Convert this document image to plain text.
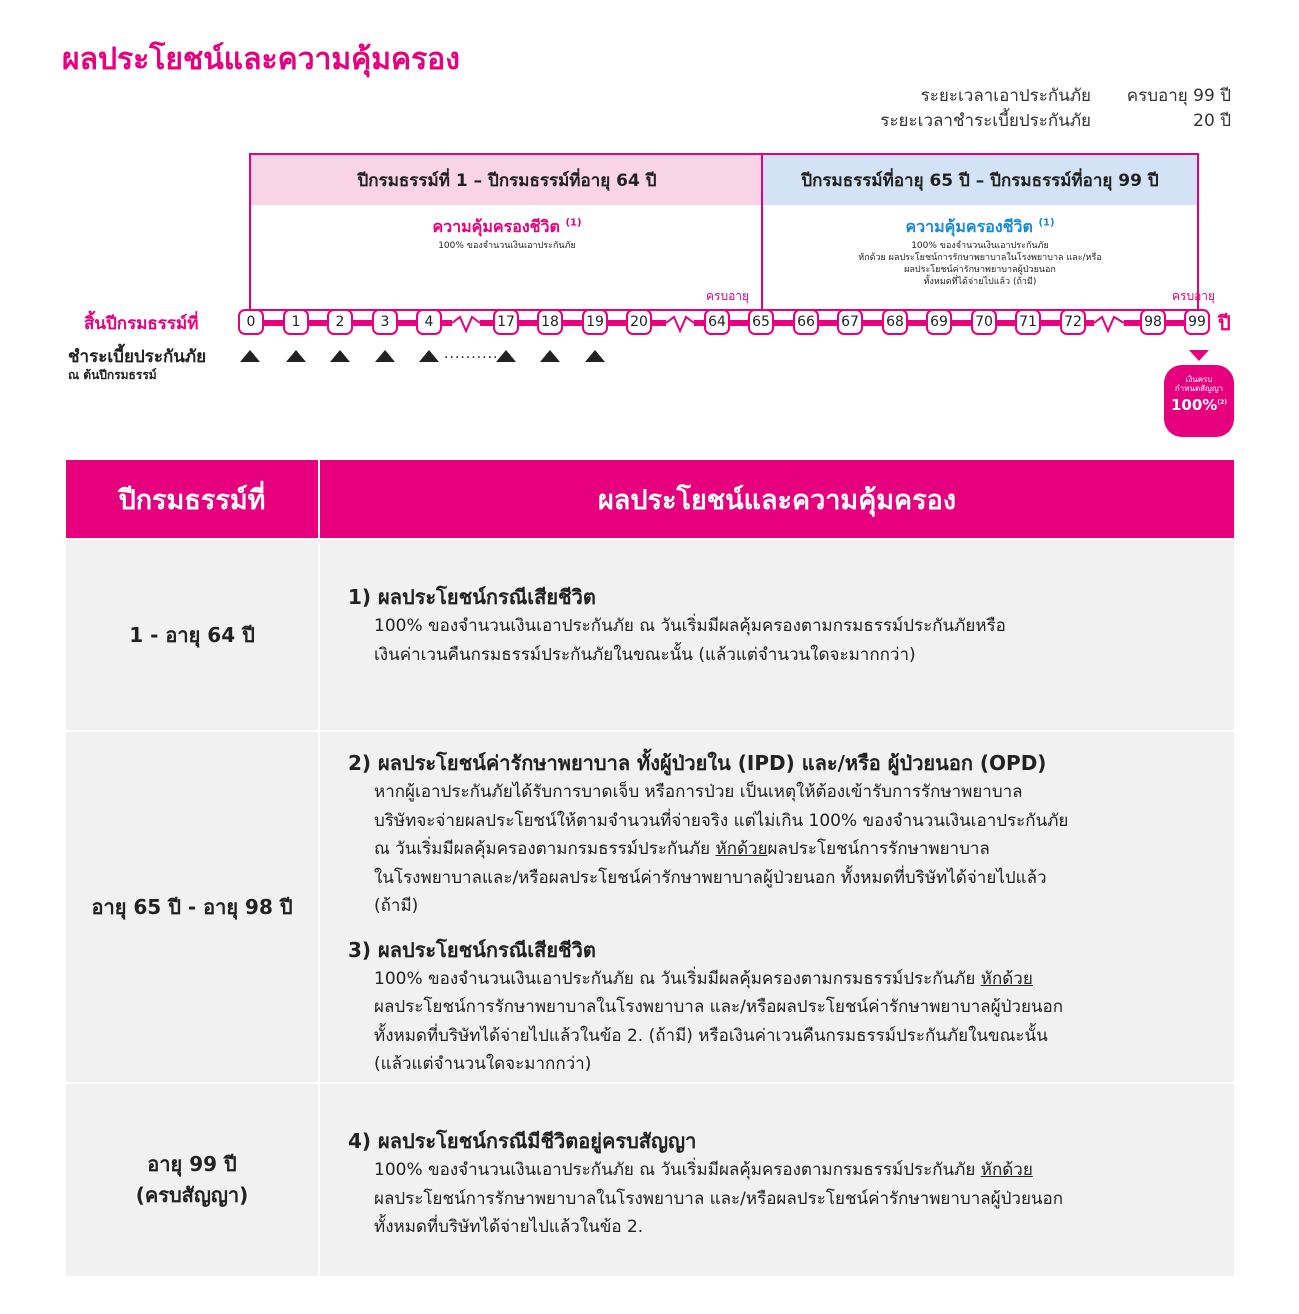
ผลประโยชน์และความคุ้มครอง
ระยะเวลาเอาประกันภัย	ครบอายุ 99 ปี
ระยะเวลาชำระเบี้ยประกันภัย	20 ปี
ปีกรมธรรม์ที่ 1 – ปีกรมธรรม์ที่อายุ 64 ปี
ความคุ้มครองชีวิต $^{(1)}$
100% ของจำนวนเงินเอาประกันภัย
ครบอายุ
ปีกรมธรรม์ที่อายุ 65 ปี – ปีกรมธรรม์ที่อายุ 99 ปี
ความคุ้มครองชีวิต $^{(1)}$
100% ของจำนวนเงินเอาประกันภัย
หักด้วย ผลประโยชน์การรักษาพยาบาลในโรงพยาบาล และ/หรือ
ผลประโยชน์ค่ารักษาพยาบาลผู้ป่วยนอก
ทั้งหมดที่ได้จ่ายไปแล้ว (ถ้ามี)
ครบอายุ
สิ้นปีกรมธรรม์ที่	0	1	2	3	4	17 18 19 20	64 65 66 67 68 69 70 71 72	98 99 ปี
ชำระเบี้ยประกันภัย
ณ ต้นปีกรมธรรม์
..........
เงินครบ
กำหนดสัญญา
100%$^{(2)}$
ปีกรมธรรม์ที่	ผลประโยชน์และความคุ้มครอง
1 - อายุ 64 ปี
1) ผลประโยชน์กรณีเสียชีวิต
100% ของจำนวนเงินเอาประกันภัย ณ วันเริ่มมีผลคุ้มครองตามกรมธรรม์ประกันภัยหรือ
เงินค่าเวนคืนกรมธรรม์ประกันภัยในขณะนั้น (แล้วแต่จำนวนใดจะมากกว่า)
อายุ 65 ปี - อายุ 98 ปี
2) ผลประโยชน์ค่ารักษาพยาบาล ทั้งผู้ป่วยใน (IPD) และ/หรือ ผู้ป่วยนอก (OPD)
หากผู้เอาประกันภัยได้รับการบาดเจ็บ หรือการป่วย เป็นเหตุให้ต้องเข้ารับการรักษาพยาบาล
บริษัทจะจ่ายผลประโยชน์ให้ตามจำนวนที่จ่ายจริง แต่ไม่เกิน 100% ของจำนวนเงินเอาประกันภัย
ณ วันเริ่มมีผลคุ้มครองตามกรมธรรม์ประกันภัย หักด้วยผลประโยชน์การรักษาพยาบาล
ในโรงพยาบาลและ/หรือผลประโยชน์ค่ารักษาพยาบาลผู้ป่วยนอก ทั้งหมดที่บริษัทได้จ่ายไปแล้ว
(ถ้ามี)
3) ผลประโยชน์กรณีเสียชีวิต
100% ของจำนวนเงินเอาประกันภัย ณ วันเริ่มมีผลคุ้มครองตามกรมธรรม์ประกันภัย หักด้วย
ผลประโยชน์การรักษาพยาบาลในโรงพยาบาล และ/หรือผลประโยชน์ค่ารักษาพยาบาลผู้ป่วยนอก
ทั้งหมดที่บริษัทได้จ่ายไปแล้วในข้อ 2. (ถ้ามี) หรือเงินค่าเวนคืนกรมธรรม์ประกันภัยในขณะนั้น
(แล้วแต่จำนวนใดจะมากกว่า)
อายุ 99 ปี
(ครบสัญญา)
4) ผลประโยชน์กรณีมีชีวิตอยู่ครบสัญญา
100% ของจำนวนเงินเอาประกันภัย ณ วันเริ่มมีผลคุ้มครองตามกรมธรรม์ประกันภัย หักด้วย
ผลประโยชน์การรักษาพยาบาลในโรงพยาบาล และ/หรือผลประโยชน์ค่ารักษาพยาบาลผู้ป่วยนอก
ทั้งหมดที่บริษัทได้จ่ายไปแล้วในข้อ 2.
